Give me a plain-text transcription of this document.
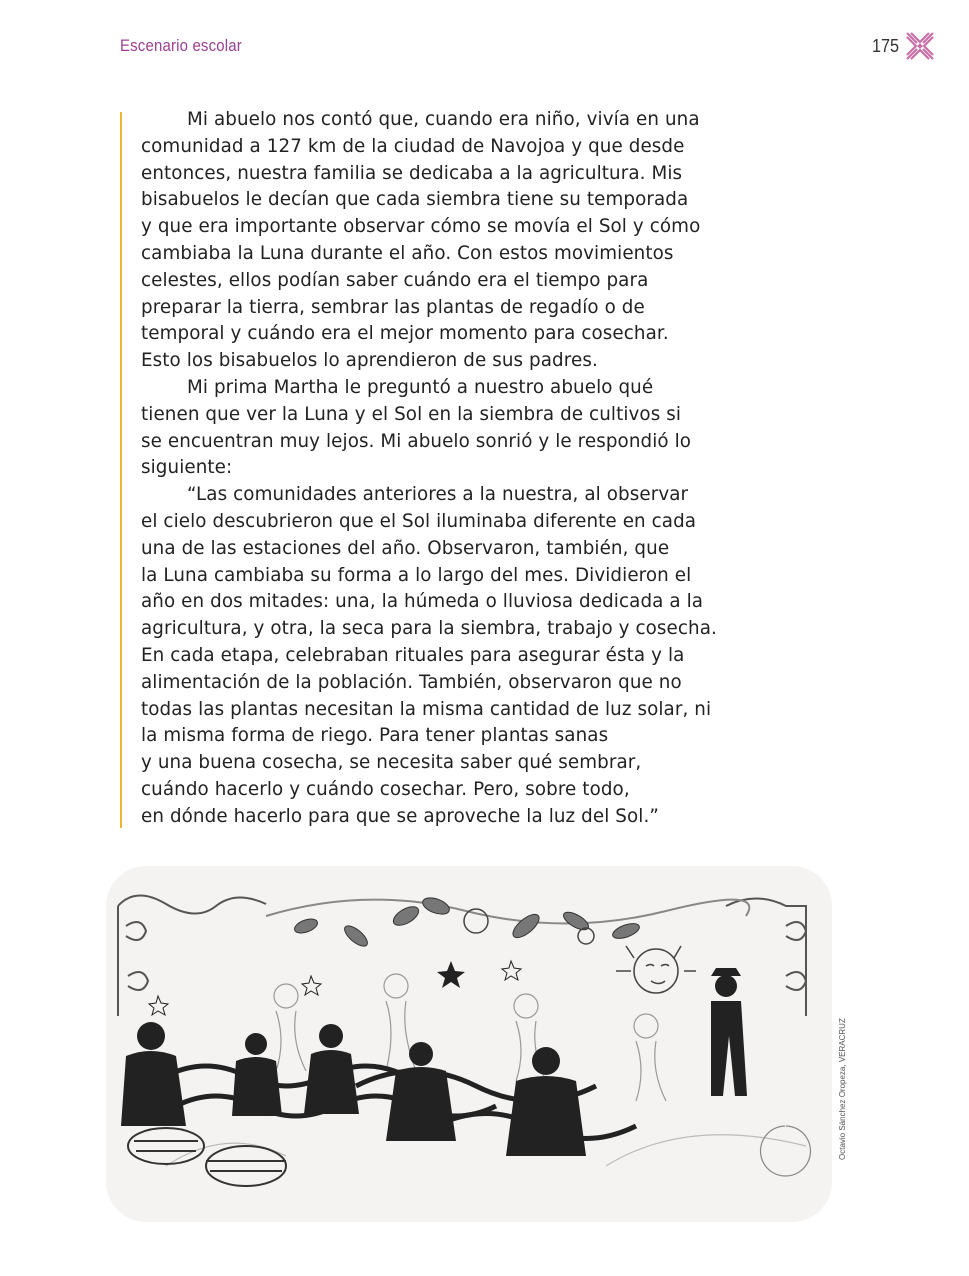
Escenario escolar	175
Mi abuelo nos contó que, cuando era niño, vivía en una
comunidad a 127 km de la ciudad de Navojoa y que desde
entonces, nuestra familia se dedicaba a la agricultura. Mis
bisabuelos le decían que cada siembra tiene su temporada
y que era importante observar cómo se movía el Sol y cómo
cambiaba la Luna durante el año. Con estos movimientos
celestes, ellos podían saber cuándo era el tiempo para
preparar la tierra, sembrar las plantas de regadío o de
temporal y cuándo era el mejor momento para cosechar.
Esto los bisabuelos lo aprendieron de sus padres.
Mi prima Martha le preguntó a nuestro abuelo qué
tienen que ver la Luna y el Sol en la siembra de cultivos si
se encuentran muy lejos. Mi abuelo sonrió y le respondió lo
siguiente:
“Las comunidades anteriores a la nuestra, al observar
el cielo descubrieron que el Sol iluminaba diferente en cada
una de las estaciones del año. Observaron, también, que
la Luna cambiaba su forma a lo largo del mes. Dividieron el
año en dos mitades: una, la húmeda o lluviosa dedicada a la
agricultura, y otra, la seca para la siembra, trabajo y cosecha.
En cada etapa, celebraban rituales para asegurar ésta y la
alimentación de la población. También, observaron que no
todas las plantas necesitan la misma cantidad de luz solar, ni
la misma forma de riego. Para tener plantas sanas
y una buena cosecha, se necesita saber qué sembrar,
cuándo hacerlo y cuándo cosechar. Pero, sobre todo,
en dónde hacerlo para que se aproveche la luz del Sol.”
Octavio Sánchez Oropeza, VERACRUZ
